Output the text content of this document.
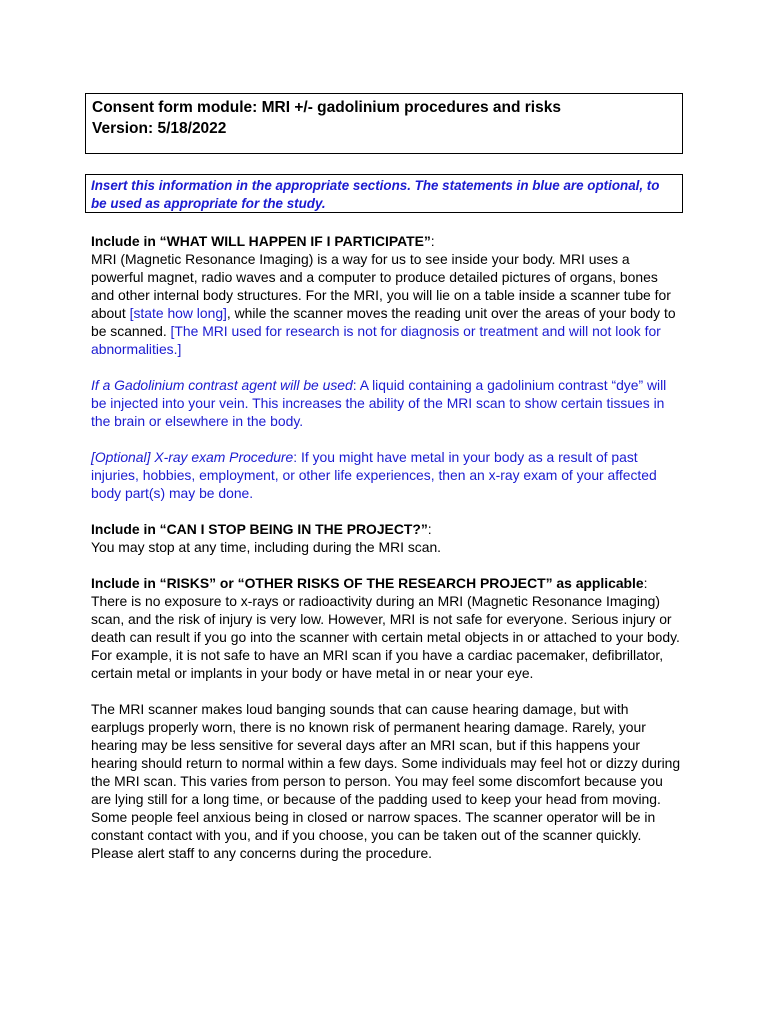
Consent form module: MRI +/- gadolinium procedures and risks
Version: 5/18/2022

Insert this information in the appropriate sections. The statements in blue are optional, to be used as appropriate for the study.

Include in “WHAT WILL HAPPEN IF I PARTICIPATE”:

MRI (Magnetic Resonance Imaging) is a way for us to see inside your body. MRI uses a powerful magnet, radio waves and a computer to produce detailed pictures of organs, bones and other internal body structures. For the MRI, you will lie on a table inside a scanner tube for about [state how long], while the scanner moves the reading unit over the areas of your body to be scanned. [The MRI used for research is not for diagnosis or treatment and will not look for abnormalities.]

If a Gadolinium contrast agent will be used: A liquid containing a gadolinium contrast “dye” will be injected into your vein. This increases the ability of the MRI scan to show certain tissues in the brain or elsewhere in the body.

[Optional] X-ray exam Procedure: If you might have metal in your body as a result of past injuries, hobbies, employment, or other life experiences, then an x-ray exam of your affected body part(s) may be done.

Include in “CAN I STOP BEING IN THE PROJECT?”:

You may stop at any time, including during the MRI scan.

Include in “RISKS” or “OTHER RISKS OF THE RESEARCH PROJECT” as applicable:

There is no exposure to x-rays or radioactivity during an MRI (Magnetic Resonance Imaging) scan, and the risk of injury is very low. However, MRI is not safe for everyone. Serious injury or death can result if you go into the scanner with certain metal objects in or attached to your body. For example, it is not safe to have an MRI scan if you have a cardiac pacemaker, defibrillator, certain metal or implants in your body or have metal in or near your eye.

The MRI scanner makes loud banging sounds that can cause hearing damage, but with earplugs properly worn, there is no known risk of permanent hearing damage. Rarely, your hearing may be less sensitive for several days after an MRI scan, but if this happens your hearing should return to normal within a few days. Some individuals may feel hot or dizzy during the MRI scan. This varies from person to person. You may feel some discomfort because you are lying still for a long time, or because of the padding used to keep your head from moving. Some people feel anxious being in closed or narrow spaces. The scanner operator will be in constant contact with you, and if you choose, you can be taken out of the scanner quickly. Please alert staff to any concerns during the procedure.
